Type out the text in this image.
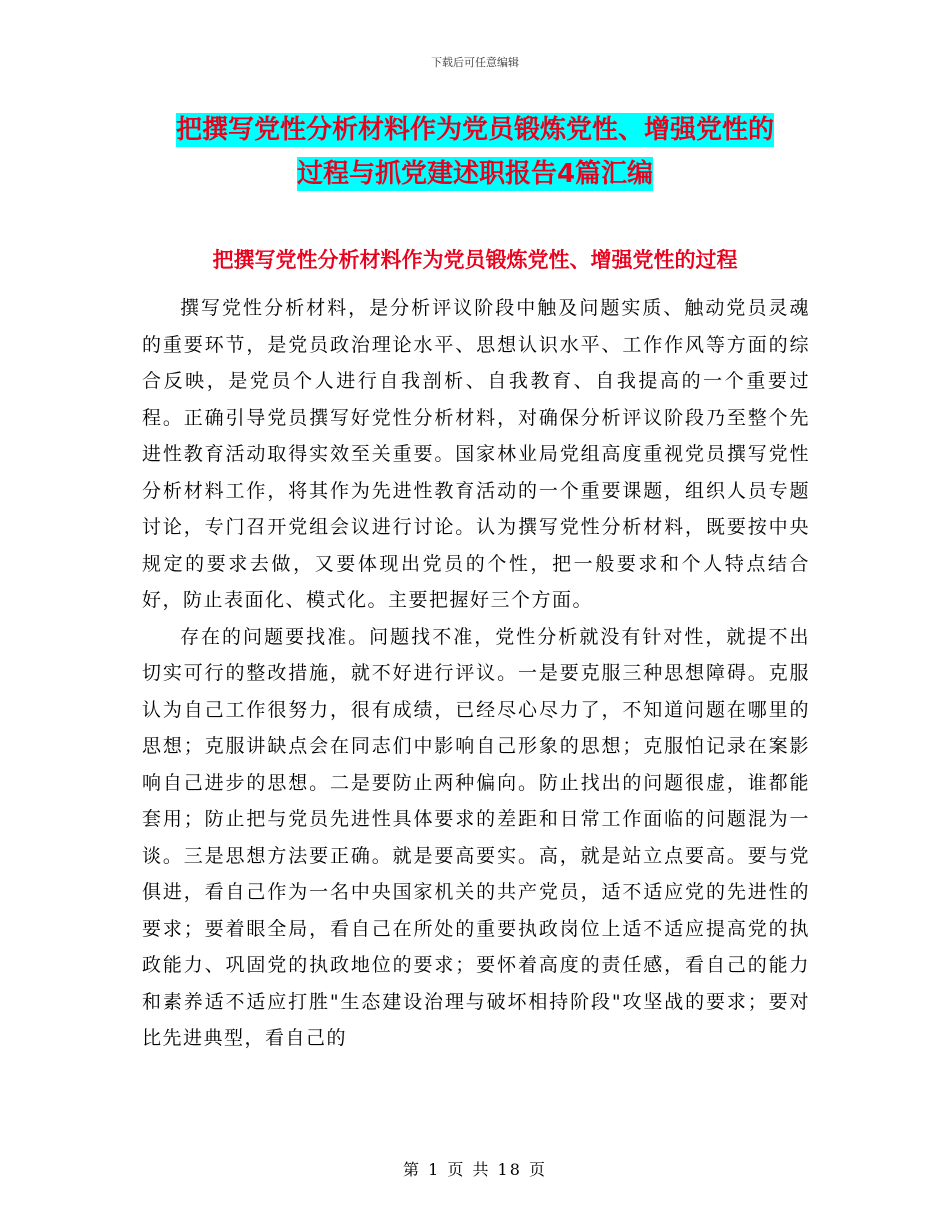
下载后可任意编辑
把撰写党性分析材料作为党员锻炼党性、增强党性的
过程与抓党建述职报告4篇汇编
把撰写党性分析材料作为党员锻炼党性、增强党性的过程

撰写党性分析材料，是分析评议阶段中触及问题实质、触动党员灵魂的重要环节，是党员政治理论水平、思想认识水平、工作作风等方面的综合反映，是党员个人进行自我剖析、自我教育、自我提高的一个重要过程。正确引导党员撰写好党性分析材料，对确保分析评议阶段乃至整个先进性教育活动取得实效至关重要。国家林业局党组高度重视党员撰写党性分析材料工作，将其作为先进性教育活动的一个重要课题，组织人员专题讨论，专门召开党组会议进行讨论。认为撰写党性分析材料，既要按中央规定的要求去做，又要体现出党员的个性，把一般要求和个人特点结合好，防止表面化、模式化。主要把握好三个方面。

存在的问题要找准。问题找不准，党性分析就没有针对性，就提不出切实可行的整改措施，就不好进行评议。一是要克服三种思想障碍。克服认为自己工作很努力，很有成绩，已经尽心尽力了，不知道问题在哪里的思想；克服讲缺点会在同志们中影响自己形象的思想；克服怕记录在案影响自己进步的思想。二是要防止两种偏向。防止找出的问题很虚，谁都能套用；防止把与党员先进性具体要求的差距和日常工作面临的问题混为一谈。三是思想方法要正确。就是要高要实。高，就是站立点要高。要与党俱进，看自己作为一名中央国家机关的共产党员，适不适应党的先进性的要求；要着眼全局，看自己在所处的重要执政岗位上适不适应提高党的执政能力、巩固党的执政地位的要求；要怀着高度的责任感，看自己的能力和素养适不适应打胜"生态建设治理与破坏相持阶段"攻坚战的要求；要对比先进典型，看自己的

第 1 页 共 18 页
